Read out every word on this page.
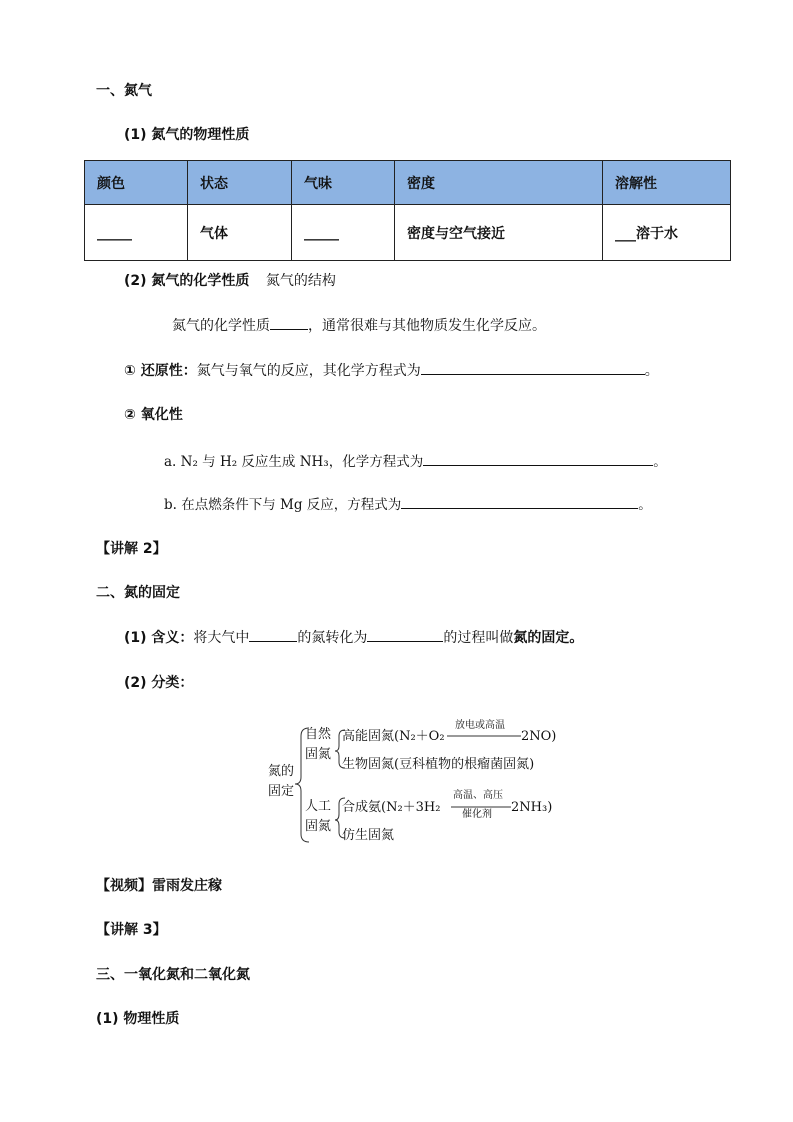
一、氮气
(1) 氮气的物理性质
颜色	状态	气味	密度	溶解性
_____	气体	_____	密度与空气接近	___溶于水
(2) 氮气的化学性质 氮气的结构
氮气的化学性质	，通常很难与其他物质发生化学反应。
① 还原性：氮气与氧气的反应，其化学方程式为	。
② 氧化性
a. N₂ 与 H₂ 反应生成 NH₃，化学方程式为	。
b. 在点燃条件下与 Mg 反应，方程式为	。
【讲解 2】
二、氮的固定
(1) 含义：将大气中	的氮转化为	的过程叫做氮的固定。
(2) 分类：
氮的
固定
自然
固氮
人工
固氮
高能固氮(N₂＋O₂
放电或高温
2NO)
生物固氮(豆科植物的根瘤菌固氮)
合成氨(N₂＋3H₂
高温、高压
催化剂 2NH₃)
仿生固氮
【视频】雷雨发庄稼
【讲解 3】
三、一氧化氮和二氧化氮
(1) 物理性质
